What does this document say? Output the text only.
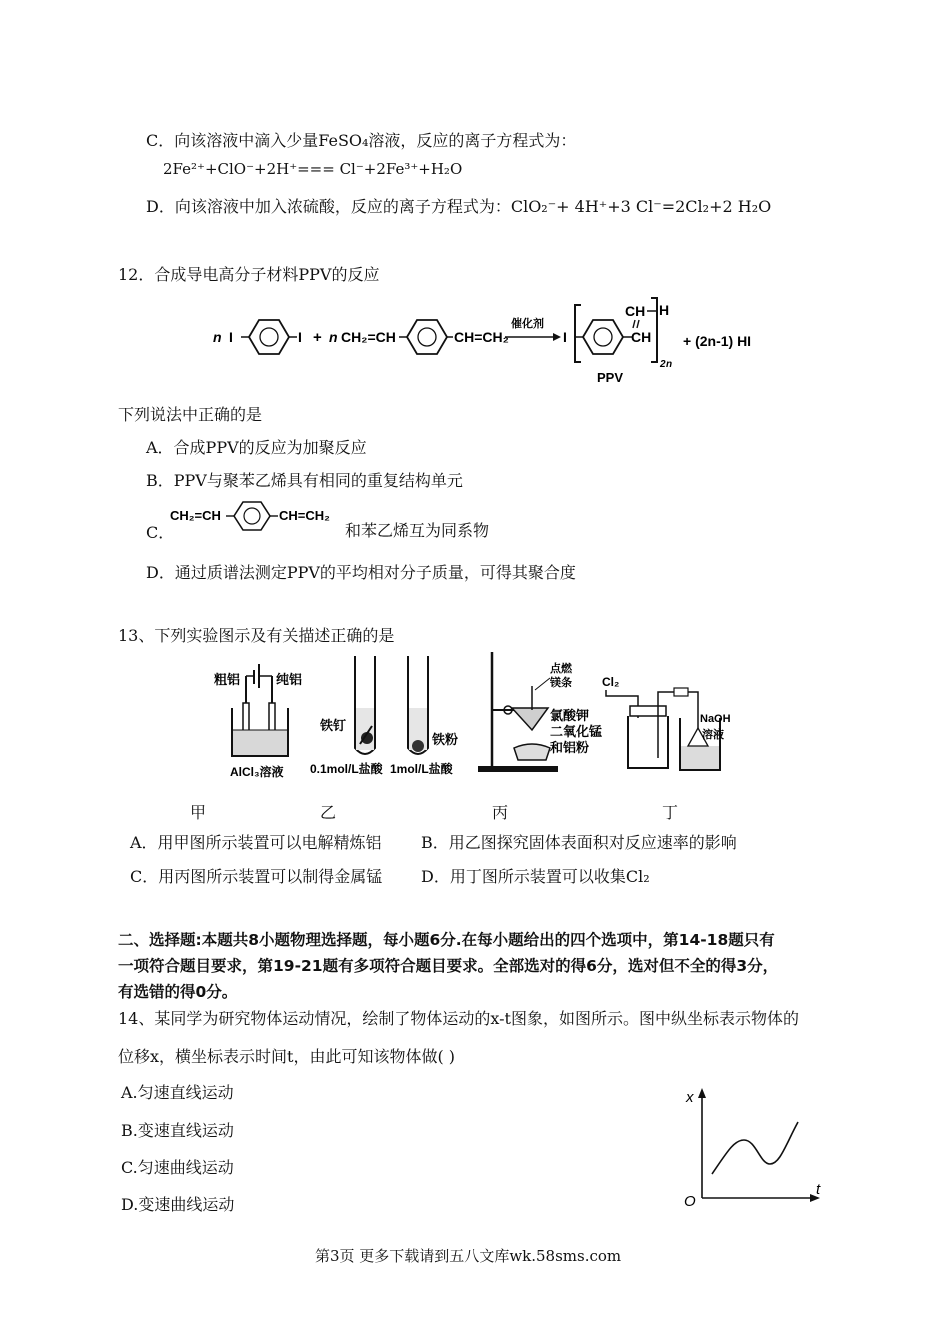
C．向该溶液中滴入少量FeSO₄溶液，反应的离子方程式为：
2Fe²⁺+ClO⁻+2H⁺=== Cl⁻+2Fe³⁺+H₂O
D．向该溶液中加入浓硫酸，反应的离子方程式为：ClO₂⁻+ 4H⁺+3 Cl⁻=2Cl₂+2 H₂O
12．合成导电高分子材料PPV的反应
n I	I + n CH₂=CH	CH=CH₂
催化剂
I
CH
CH
H
2 n
+ (2n-1) HI
PPV
下列说法中正确的是
A．合成PPV的反应为加聚反应
B．PPV与聚苯乙烯具有相同的重复结构单元
C．
CH₂=CH	CH=CH₂
和苯乙烯互为同系物
D．通过质谱法测定PPV的平均相对分子质量，可得其聚合度
13、下列实验图示及有关描述正确的是
粗铝	纯铝
AlCl₃溶液
铁钉
0.1mol/L盐酸
铁粉
1mol/L盐酸
点燃
镁条
氯酸钾
二氧化锰
和铝粉
Cl₂
NaOH
溶液
甲	乙	丙	丁
A．用甲图所示装置可以电解精炼铝 B．用乙图探究固体表面积对反应速率的影响
C．用丙图所示装置可以制得金属锰 D．用丁图所示装置可以收集Cl₂
二、选择题:本题共8小题物理选择题，每小题6分.在每小题给出的四个选项中，第14-18题只有
一项符合题目要求，第19-21题有多项符合题目要求。全部选对的得6分，选对但不全的得3分，
有选错的得0分。
14、某同学为研究物体运动情况，绘制了物体运动的x-t图象，如图所示。图中纵坐标表示物体的
位移x，横坐标表示时间t，由此可知该物体做( )
A.匀速直线运动
B.变速直线运动
C.匀速曲线运动
D.变速曲线运动
x
t
O
第3页 更多下载请到五八文库wk.58sms.com
